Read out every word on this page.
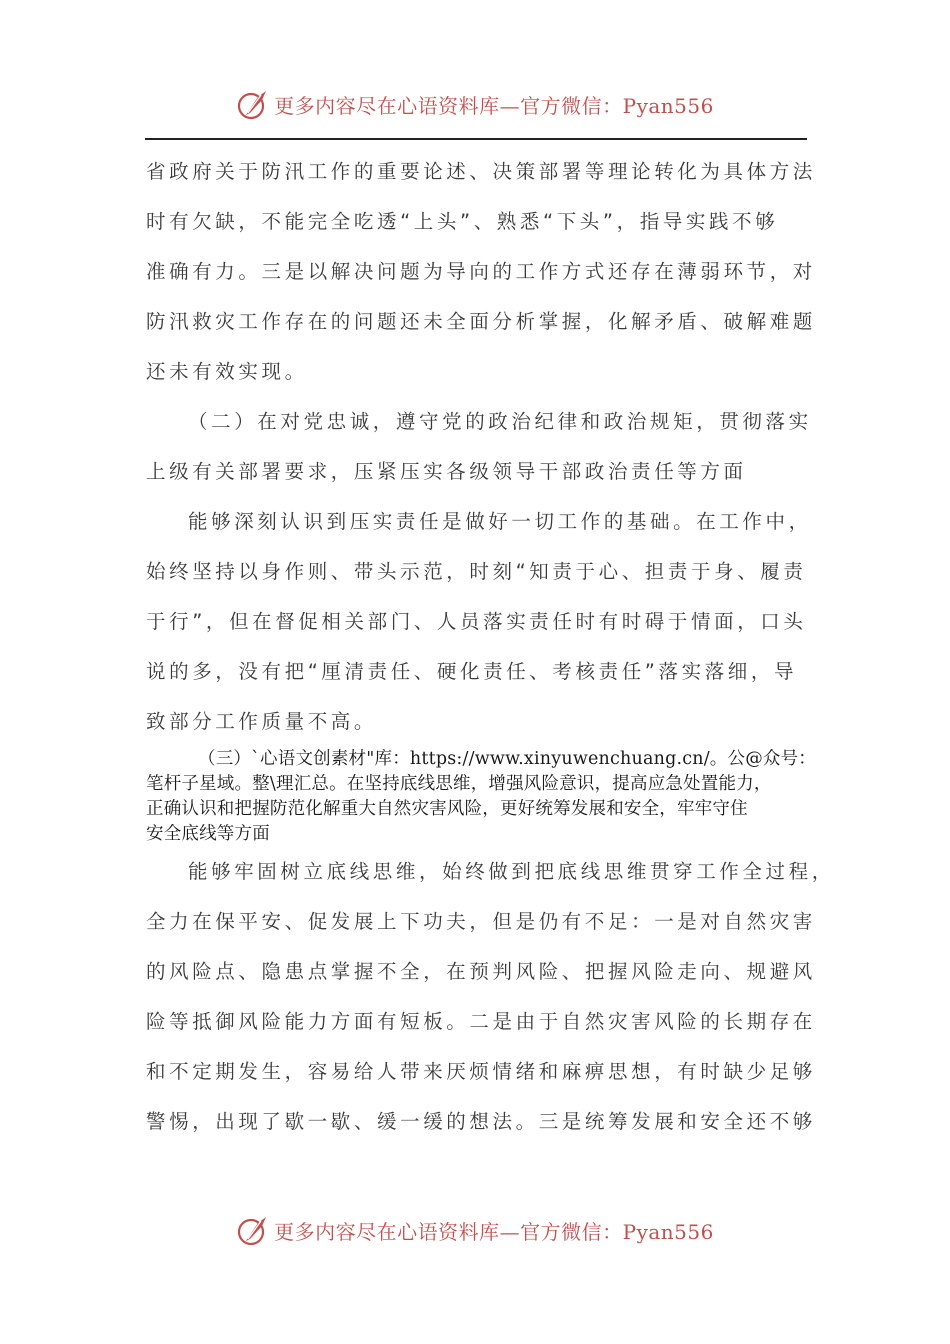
更多内容尽在心语资料库—官方微信：Pyan556
省政府关于防汛工作的重要论述、决策部署等理论转化为具体方法
时有欠缺，不能完全吃透“上头”、熟悉“下头”，指导实践不够
准确有力。三是以解决问题为导向的工作方式还存在薄弱环节，对
防汛救灾工作存在的问题还未全面分析掌握，化解矛盾、破解难题
还未有效实现。
（二）在对党忠诚，遵守党的政治纪律和政治规矩，贯彻落实
上级有关部署要求，压紧压实各级领导干部政治责任等方面
能够深刻认识到压实责任是做好一切工作的基础。在工作中，
始终坚持以身作则、带头示范，时刻“知责于心、担责于身、履责
于行”，但在督促相关部门、人员落实责任时有时碍于情面，口头
说的多，没有把“厘清责任、硬化责任、考核责任”落实落细，导
致部分工作质量不高。
（三）`心语文创素材"库：https://www.xinyuwenchuang.cn/。公@众号：
笔杆子星域。整\理汇总。在坚持底线思维，增强风险意识，提高应急处置能力，
正确认识和把握防范化解重大自然灾害风险，更好统筹发展和安全，牢牢守住
安全底线等方面
能够牢固树立底线思维，始终做到把底线思维贯穿工作全过程，
全力在保平安、促发展上下功夫，但是仍有不足：一是对自然灾害
的风险点、隐患点掌握不全，在预判风险、把握风险走向、规避风
险等抵御风险能力方面有短板。二是由于自然灾害风险的长期存在
和不定期发生，容易给人带来厌烦情绪和麻痹思想，有时缺少足够
警惕，出现了歇一歇、缓一缓的想法。三是统筹发展和安全还不够
更多内容尽在心语资料库—官方微信：Pyan556
